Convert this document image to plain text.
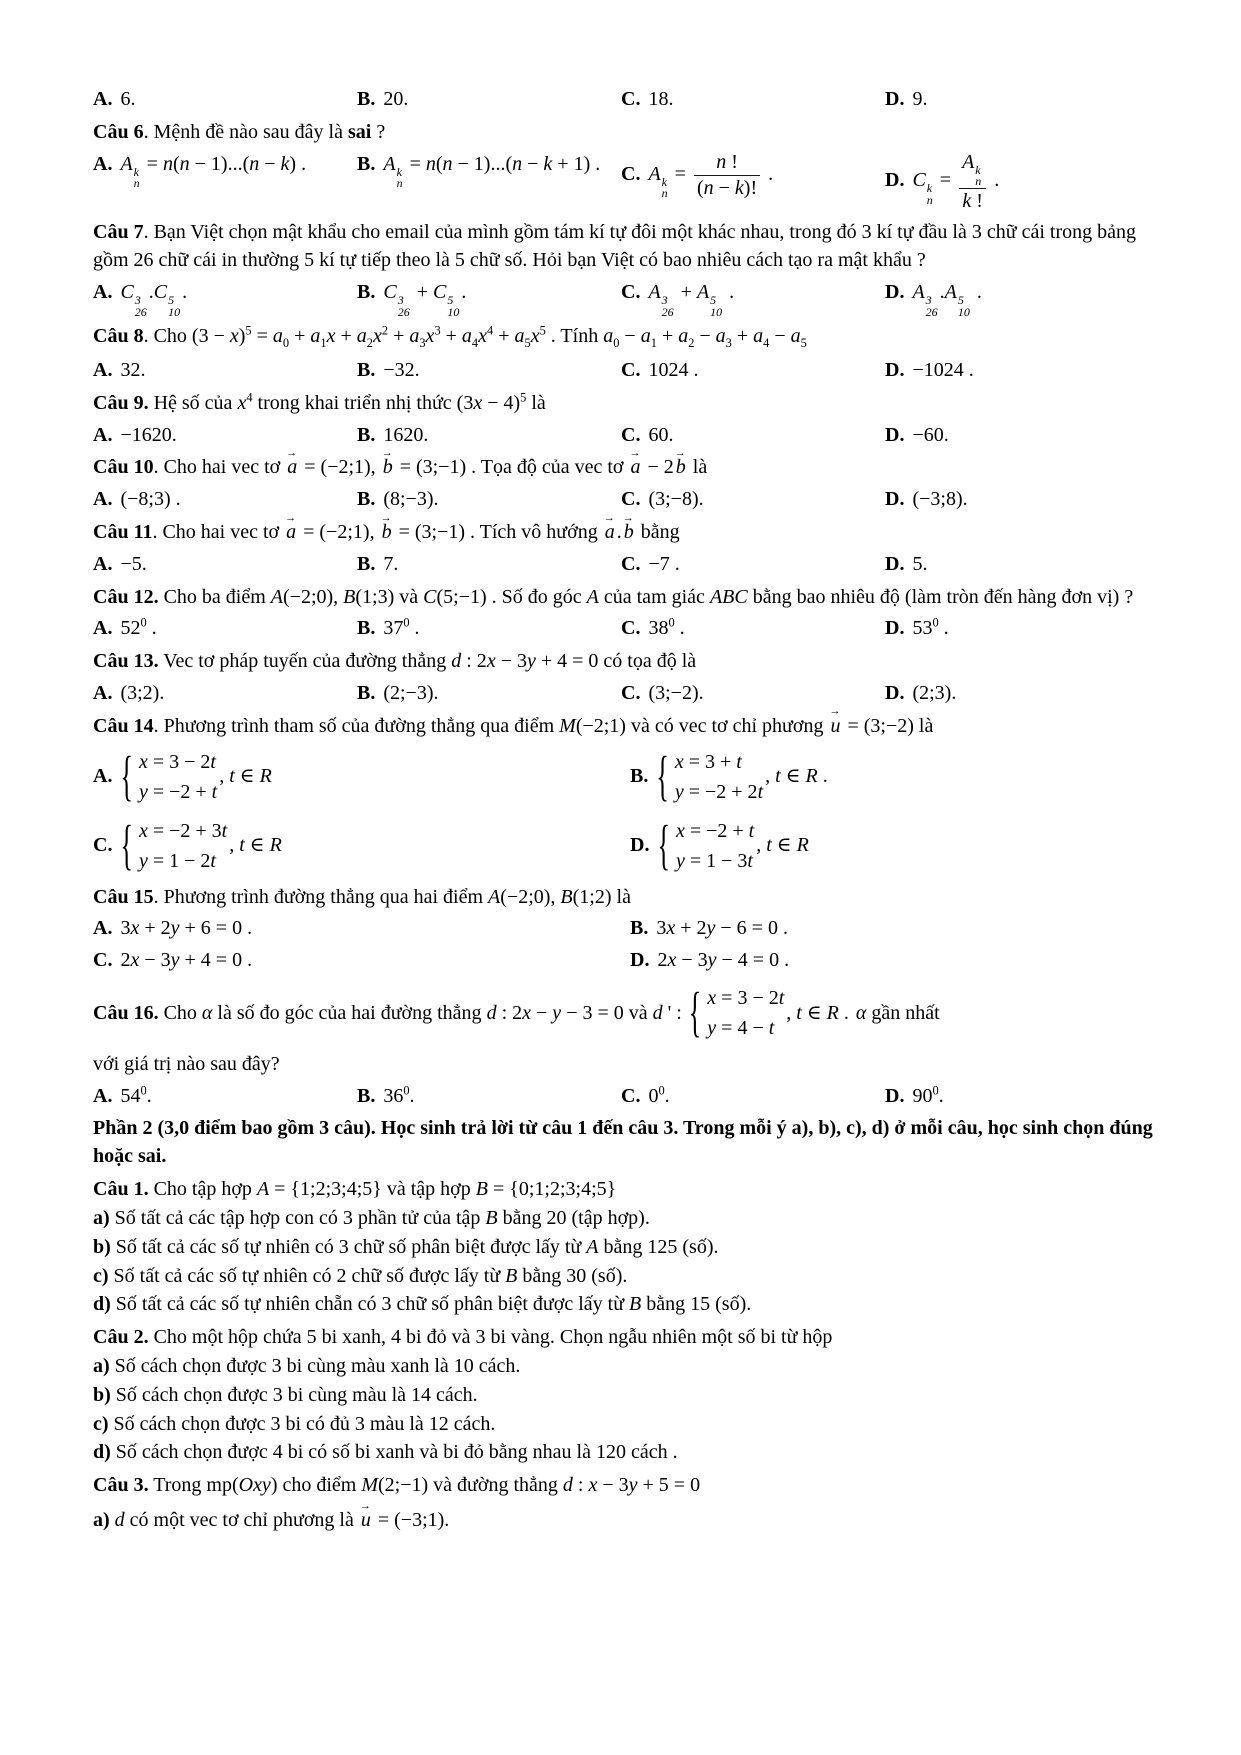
A. 6.	B. 20.	C. 18.	D. 9.
Câu 6. Mệnh đề nào sau đây là sai ?
A. A k
n
= n(n − 1)...(n − k) .	B. A k
n
= n(n − 1)...(n − k + 1) .	C. A k
n
= $\frac{n !}{(n - k)!}$ .	D. C k
n
= A k
n
k ! .
Câu 7. Bạn Việt chọn mật khẩu cho email của mình gồm tám kí tự đôi một khác nhau, trong đó 3 kí tự đầu là 3 chữ cái trong bảng gồm 26 chữ cái in thường 5 kí tự tiếp theo là 5 chữ số. Hỏi bạn Việt có bao nhiêu cách tạo ra mật khẩu ?
A. C 3
26
.C 5
10
.	B. C 3
26
+ C 5
10
.	C. A 3
26
+ A 5
10
.	D. A 3
26
.A 5
10
.
Câu 8. Cho $(3 - x)^5 = a_0 + a_1x + a_2x^2 + a_3x^3 + a_4x^4 + a_5x^5$ . Tính $a_0 - a_1 + a_2 - a_3 + a_4 - a_5$
A. 32.	B. −32.	C. 1024 .	D. −1024 .
Câu 9. Hệ số của $x^4$ trong khai triển nhị thức $(3x - 4)^5$ là
A. −1620.	B. 1620.	C. 60.	D. −60.
Câu 10. Cho hai vec tơ a → = (−2;1), b → = (3;−1) . Tọa độ của vec tơ a → − 2 b → là
A. (−8;3) .	B. (8;−3).	C. (3;−8).	D. (−3;8).
Câu 11. Cho hai vec tơ a → = (−2;1), b → = (3;−1) . Tích vô hướng a → . b → bằng
A. −5.	B. 7.	C. −7 .	D. 5.
Câu 12. Cho ba điểm A(−2;0), B(1;3) và C(5;−1) . Số đo góc A của tam giác ABC bằng bao nhiêu độ (làm tròn đến hàng đơn vị) ?
A. $52^0$ .	B. $37^0$ .	C. $38^0$ .	D. $53^0$ .
Câu 13. Vec tơ pháp tuyến của đường thẳng d : 2x − 3y + 4 = 0 có tọa độ là
A. (3;2).	B. (2;−3).	C. (3;−2).	D. (2;3).
Câu 14. Phương trình tham số của đường thẳng qua điểm M(−2;1) và có vec tơ chỉ phương u → = (3;−2) là
A. { x = 3 − 2t
y = −2 + t
, t ∈ R	B. { x = 3 + t
y = −2 + 2t
, t ∈ R .
C. { x = −2 + 3t
y = 1 − 2t
, t ∈ R	D. { x = −2 + t
y = 1 − 3t
, t ∈ R
Câu 15. Phương trình đường thẳng qua hai điểm A(−2;0), B(1;2) là
A. 3x + 2y + 6 = 0 .	B. 3x + 2y − 6 = 0 .
C. 2x − 3y + 4 = 0 .	D. 2x − 3y − 4 = 0 .
Câu 16. Cho α là số đo góc của hai đường thẳng d : 2x − y − 3 = 0 và d ' : { x = 3 − 2t
y = 4 − t
, t ∈ R . α gần nhất
với giá trị nào sau đây?
A. $54^0$.	B. $36^0$.	C. $0^0$.	D. $90^0$.
Phần 2 (3,0 điểm bao gồm 3 câu). Học sinh trả lời từ câu 1 đến câu 3. Trong mỗi ý a), b), c), d) ở mỗi câu, học sinh chọn đúng hoặc sai.
Câu 1. Cho tập hợp A = {1;2;3;4;5} và tập hợp B = {0;1;2;3;4;5}
a) Số tất cả các tập hợp con có 3 phần tử của tập B bằng 20 (tập hợp).
b) Số tất cả các số tự nhiên có 3 chữ số phân biệt được lấy từ A bằng 125 (số).
c) Số tất cả các số tự nhiên có 2 chữ số được lấy từ B bằng 30 (số).
d) Số tất cả các số tự nhiên chẵn có 3 chữ số phân biệt được lấy từ B bằng 15 (số).
Câu 2. Cho một hộp chứa 5 bi xanh, 4 bi đỏ và 3 bi vàng. Chọn ngẫu nhiên một số bi từ hộp
a) Số cách chọn được 3 bi cùng màu xanh là 10 cách.
b) Số cách chọn được 3 bi cùng màu là 14 cách.
c) Số cách chọn được 3 bi có đủ 3 màu là 12 cách.
d) Số cách chọn được 4 bi có số bi xanh và bi đỏ bằng nhau là 120 cách .
Câu 3. Trong mp(Oxy) cho điểm M(2;−1) và đường thẳng d : x − 3y + 5 = 0
a) d có một vec tơ chỉ phương là u → = (−3;1).
